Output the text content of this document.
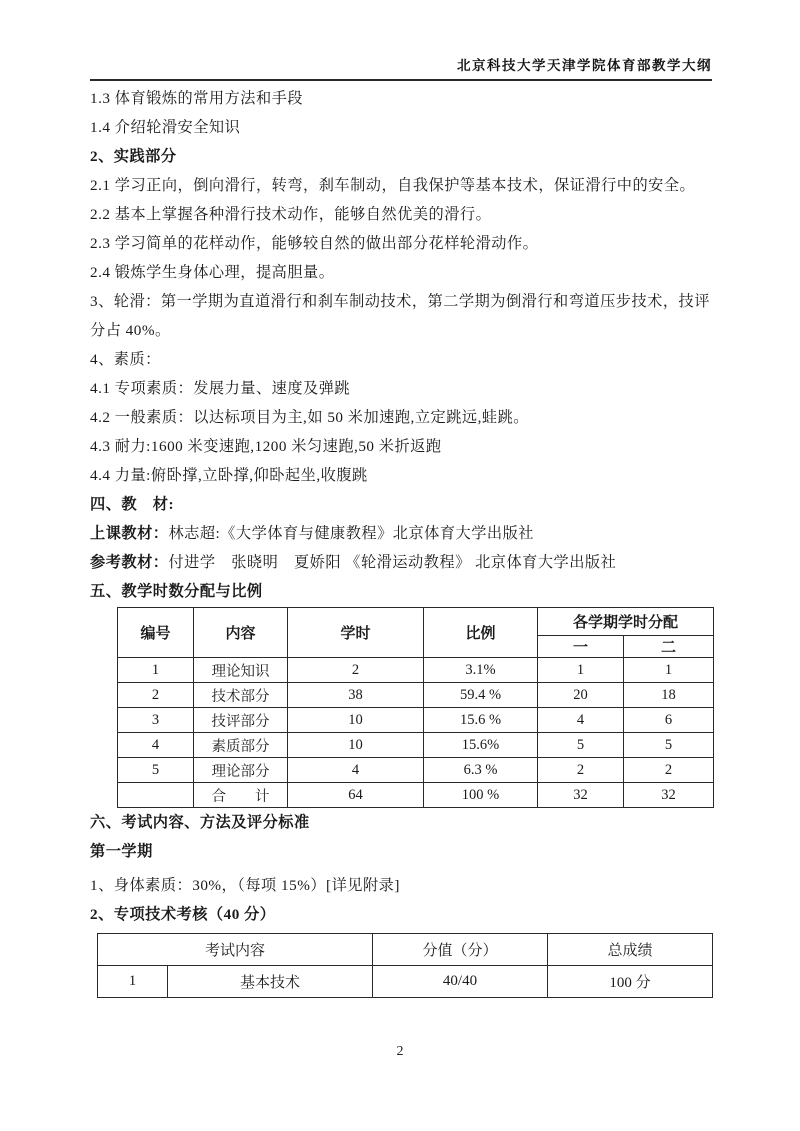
北京科技大学天津学院体育部教学大纲

1.3 体育锻炼的常用方法和手段

1.4 介绍轮滑安全知识

2、实践部分

2.1 学习正向，倒向滑行，转弯，刹车制动，自我保护等基本技术，保证滑行中的安全。

2.2 基本上掌握各种滑行技术动作，能够自然优美的滑行。

2.3 学习简单的花样动作，能够较自然的做出部分花样轮滑动作。

2.4 锻炼学生身体心理，提高胆量。

3、轮滑：第一学期为直道滑行和刹车制动技术，第二学期为倒滑行和弯道压步技术，技评分占 40%。

4、素质：

4.1 专项素质：发展力量、速度及弹跳

4.2 一般素质：以达标项目为主,如 50 米加速跑,立定跳远,蛙跳。

4.3 耐力:1600 米变速跑,1200 米匀速跑,50 米折返跑

4.4 力量:俯卧撑,立卧撑,仰卧起坐,收腹跳

四、教　材:

上课教材：林志超:《大学体育与健康教程》北京体育大学出版社

参考教材：付进学　张晓明　夏娇阳 《轮滑运动教程》 北京体育大学出版社

五、教学时数分配与比例

编号	内容	学时	比例	各学期学时分配	
				一	二
1	理论知识	2	3.1%	1	1
2	技术部分	38	59.4 %	20	18
3	技评部分	10	15.6 %	4	6
4	素质部分	10	15.6%	5	5
5	理论部分	4	6.3 %	2	2
	合　　计	64	100 %	32	32

六、考试内容、方法及评分标准

第一学期

1、身体素质：30%，（每项 15%）[详见附录]

2、专项技术考核（40 分）

考试内容		分值（分）	总成绩
1	基本技术	40/40	100 分
2
